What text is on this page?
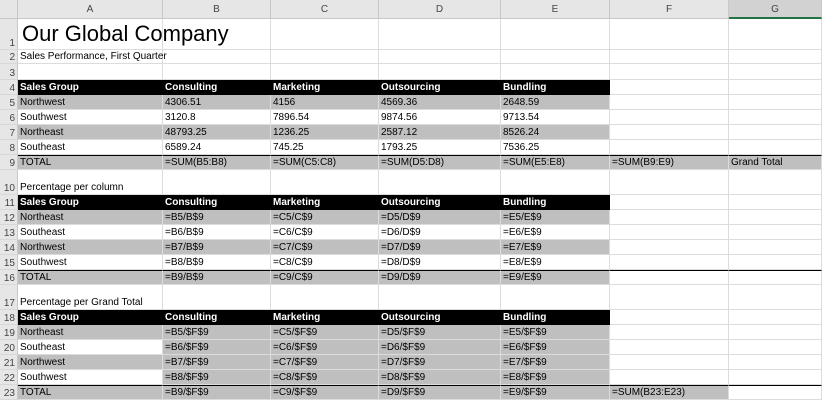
A	B	C	D	E	F	G
1 Our Global Company
2 Sales Performance, First Quarter
3
4 Sales Group	Consulting	Marketing	Outsourcing	Bundling
5 Northwest	4306.51	4156	4569.36	2648.59
6 Southwest	3120.8	7896.54	9874.56	9713.54
7 Northeast	48793.25	1236.25	2587.12	8526.24
8 Southeast	6589.24	745.25	1793.25	7536.25
9 TOTAL	=SUM(B5:B8)	=SUM(C5:C8)	=SUM(D5:D8)	=SUM(E5:E8)	=SUM(B9:E9)	Grand Total
10 Percentage per column
11 Sales Group	Consulting	Marketing	Outsourcing	Bundling
12 Northeast	=B5/B$9	=C5/C$9	=D5/D$9	=E5/E$9
13 Southeast	=B6/B$9	=C6/C$9	=D6/D$9	=E6/E$9
14 Northwest	=B7/B$9	=C7/C$9	=D7/D$9	=E7/E$9
15 Southwest	=B8/B$9	=C8/C$9	=D8/D$9	=E8/E$9
16 TOTAL	=B9/B$9	=C9/C$9	=D9/D$9	=E9/E$9
17 Percentage per Grand Total
18 Sales Group	Consulting	Marketing	Outsourcing	Bundling
19 Northeast	=B5/$F$9	=C5/$F$9	=D5/$F$9	=E5/$F$9
20 Southeast	=B6/$F$9	=C6/$F$9	=D6/$F$9	=E6/$F$9
21 Northwest	=B7/$F$9	=C7/$F$9	=D7/$F$9	=E7/$F$9
22 Southwest	=B8/$F$9	=C8/$F$9	=D8/$F$9	=E8/$F$9
23 TOTAL	=B9/$F$9	=C9/$F$9	=D9/$F$9	=E9/$F$9	=SUM(B23:E23)
